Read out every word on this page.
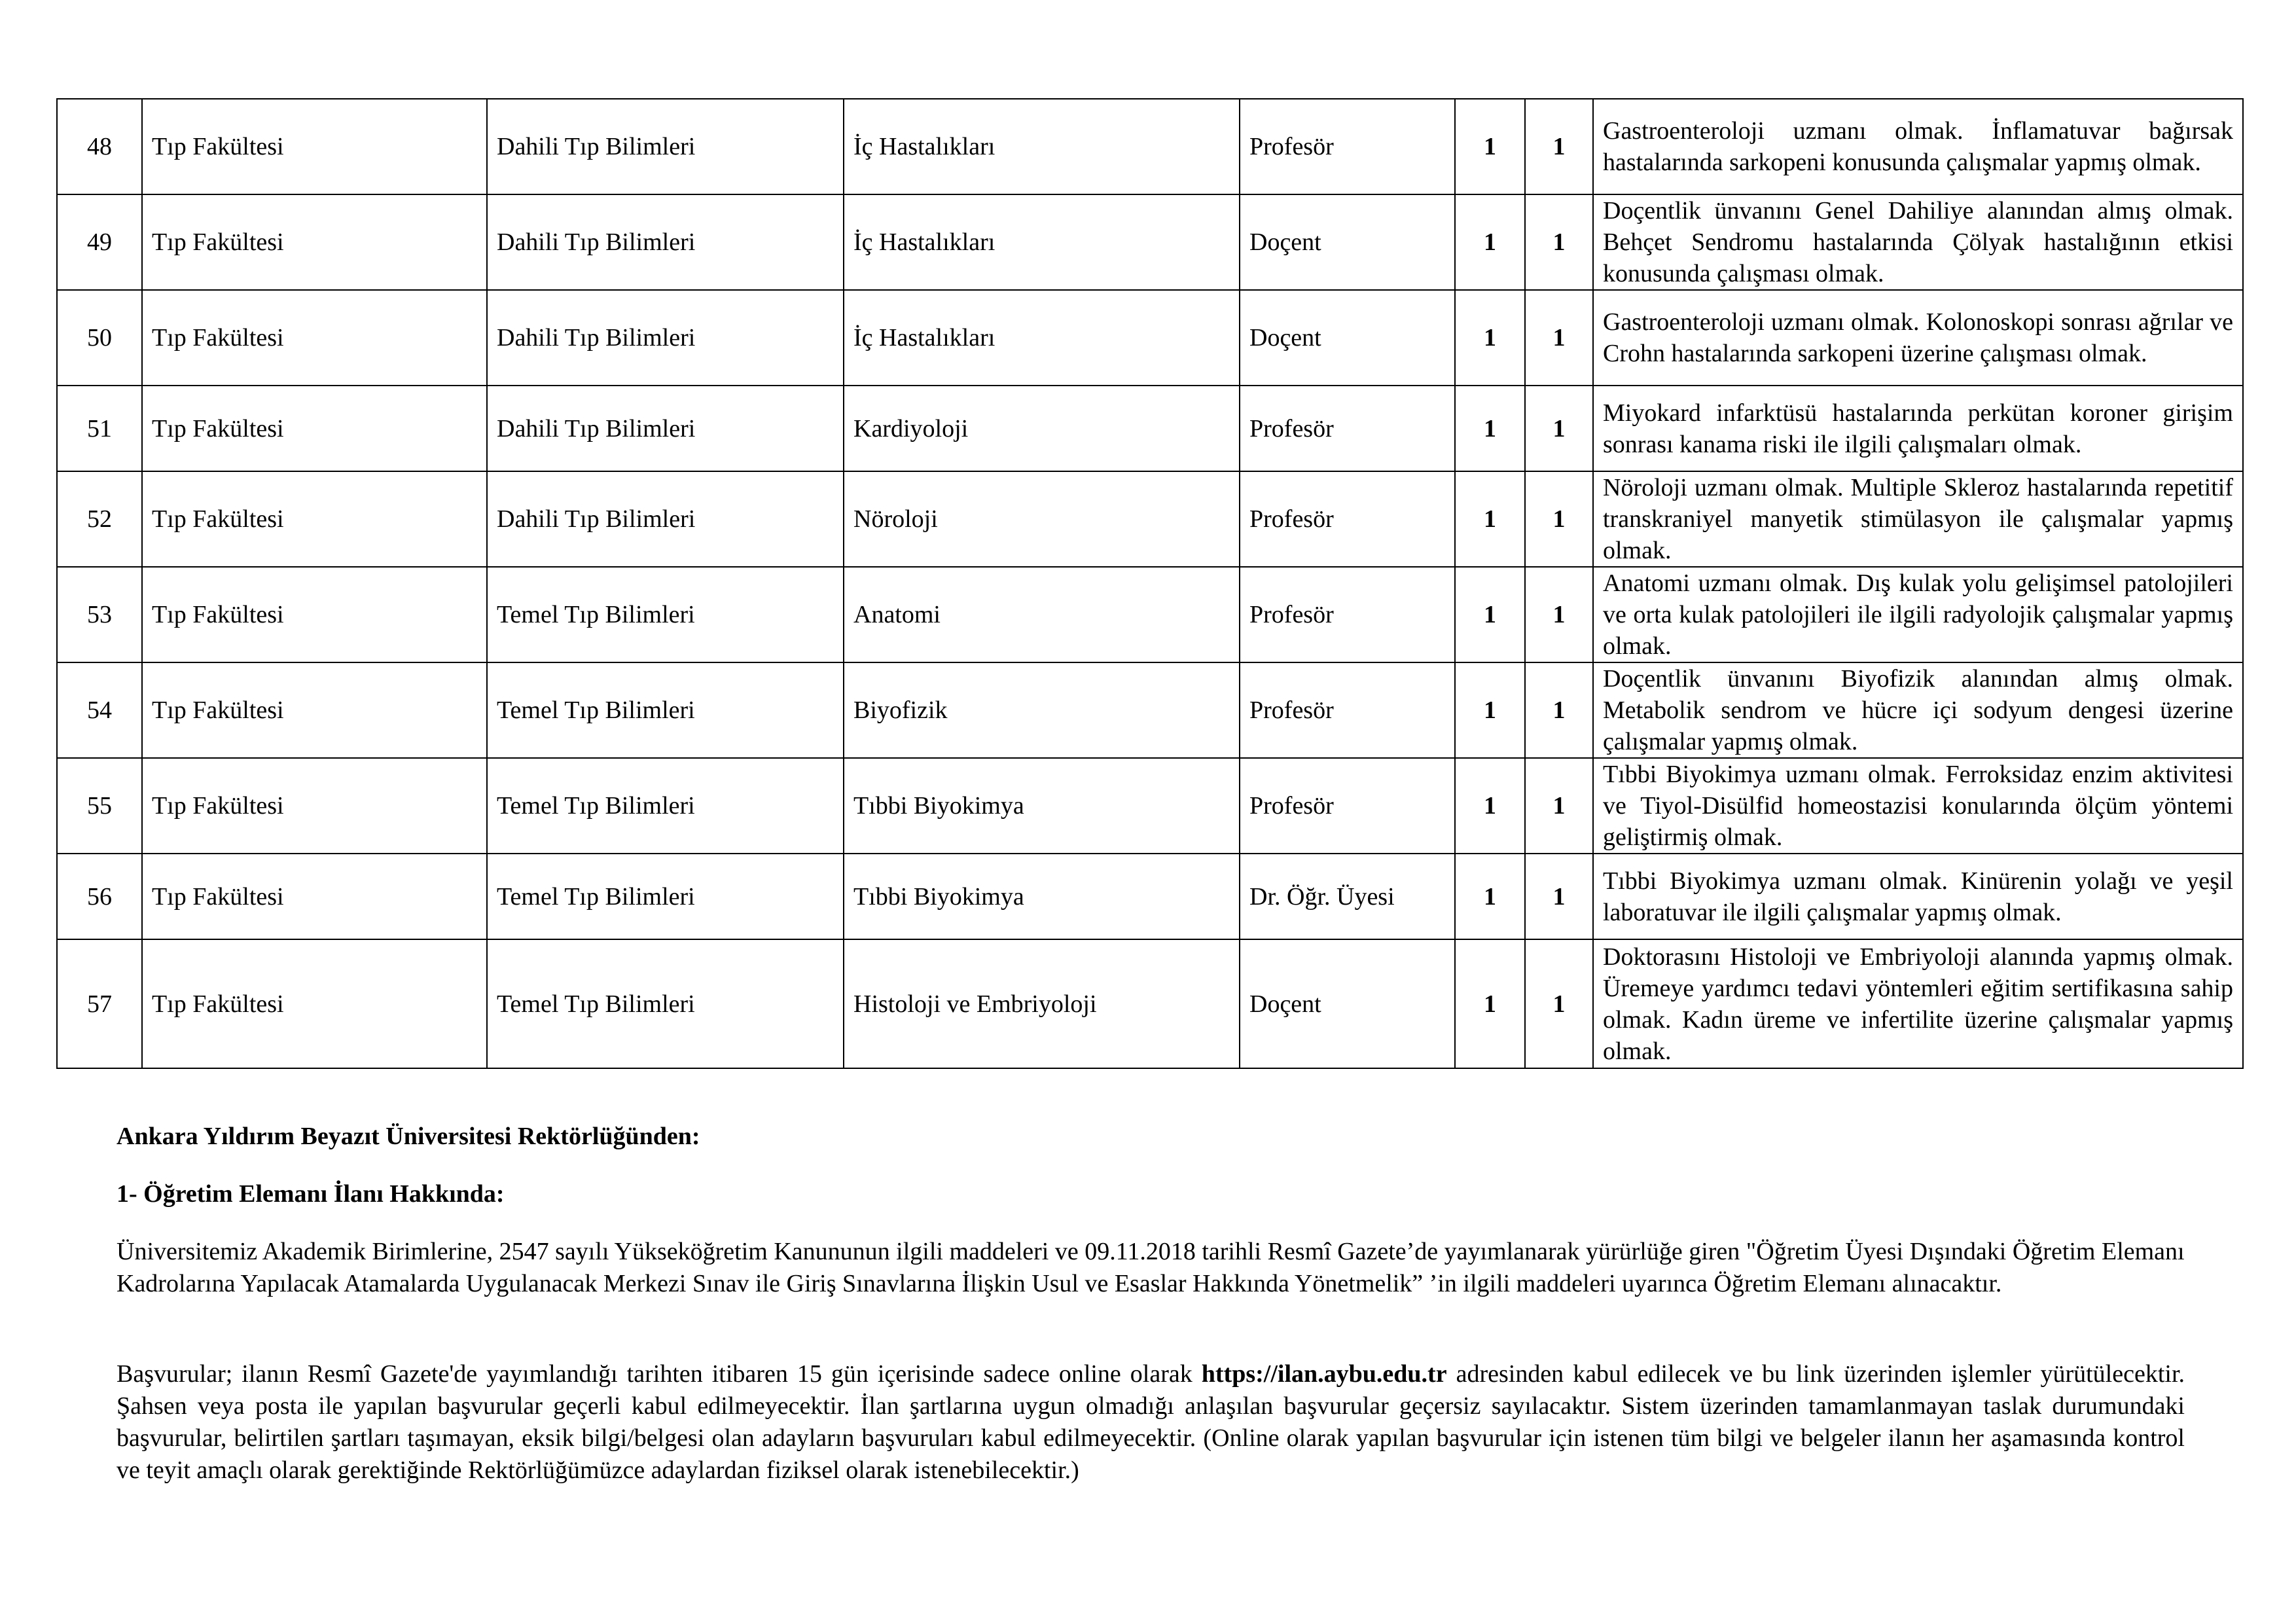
48	Tıp Fakültesi	Dahili Tıp Bilimleri	İç Hastalıkları	Profesör	1	1	Gastroenteroloji uzmanı olmak. İnflamatuvar bağırsak hastalarında sarkopeni konusunda çalışmalar yapmış olmak.
49	Tıp Fakültesi	Dahili Tıp Bilimleri	İç Hastalıkları	Doçent	1	1	Doçentlik ünvanını Genel Dahiliye alanından almış olmak. Behçet Sendromu hastalarında Çölyak hastalığının etkisi konusunda çalışması olmak.
50	Tıp Fakültesi	Dahili Tıp Bilimleri	İç Hastalıkları	Doçent	1	1	Gastroenteroloji uzmanı olmak. Kolonoskopi sonrası ağrılar ve Crohn hastalarında sarkopeni üzerine çalışması olmak.
51	Tıp Fakültesi	Dahili Tıp Bilimleri	Kardiyoloji	Profesör	1	1	Miyokard infarktüsü hastalarında perkütan koroner girişim sonrası kanama riski ile ilgili çalışmaları olmak.
52	Tıp Fakültesi	Dahili Tıp Bilimleri	Nöroloji	Profesör	1	1	Nöroloji uzmanı olmak. Multiple Skleroz hastalarında repetitif transkraniyel manyetik stimülasyon ile çalışmalar yapmış olmak.
53	Tıp Fakültesi	Temel Tıp Bilimleri	Anatomi	Profesör	1	1	Anatomi uzmanı olmak. Dış kulak yolu gelişimsel patolojileri ve orta kulak patolojileri ile ilgili radyolojik çalışmalar yapmış olmak.
54	Tıp Fakültesi	Temel Tıp Bilimleri	Biyofizik	Profesör	1	1	Doçentlik ünvanını Biyofizik alanından almış olmak. Metabolik sendrom ve hücre içi sodyum dengesi üzerine çalışmalar yapmış olmak.
55	Tıp Fakültesi	Temel Tıp Bilimleri	Tıbbi Biyokimya	Profesör	1	1	Tıbbi Biyokimya uzmanı olmak. Ferroksidaz enzim aktivitesi ve Tiyol-Disülfid homeostazisi konularında ölçüm yöntemi geliştirmiş olmak.
56	Tıp Fakültesi	Temel Tıp Bilimleri	Tıbbi Biyokimya	Dr. Öğr. Üyesi	1	1	Tıbbi Biyokimya uzmanı olmak. Kinürenin yolağı ve yeşil laboratuvar ile ilgili çalışmalar yapmış olmak.
57	Tıp Fakültesi	Temel Tıp Bilimleri	Histoloji ve Embriyoloji	Doçent	1	1	Doktorasını Histoloji ve Embriyoloji alanında yapmış olmak. Üremeye yardımcı tedavi yöntemleri eğitim sertifikasına sahip olmak. Kadın üreme ve infertilite üzerine çalışmalar yapmış olmak.
Ankara Yıldırım Beyazıt Üniversitesi Rektörlüğünden:
1- Öğretim Elemanı İlanı Hakkında:
Üniversitemiz Akademik Birimlerine, 2547 sayılı Yükseköğretim Kanununun ilgili maddeleri ve 09.11.2018 tarihli Resmî Gazete’de yayımlanarak yürürlüğe giren "Öğretim Üyesi Dışındaki Öğretim Elemanı Kadrolarına Yapılacak Atamalarda Uygulanacak Merkezi Sınav ile Giriş Sınavlarına İlişkin Usul ve Esaslar Hakkında Yönetmelik” ’in ilgili maddeleri uyarınca Öğretim Elemanı alınacaktır.
Başvurular; ilanın Resmî Gazete'de yayımlandığı tarihten itibaren 15 gün içerisinde sadece online olarak https://ilan.aybu.edu.tr adresinden kabul edilecek ve bu link üzerinden işlemler yürütülecektir. Şahsen veya posta ile yapılan başvurular geçerli kabul edilmeyecektir. İlan şartlarına uygun olmadığı anlaşılan başvurular geçersiz sayılacaktır. Sistem üzerinden tamamlanmayan taslak durumundaki başvurular, belirtilen şartları taşımayan, eksik bilgi/belgesi olan adayların başvuruları kabul edilmeyecektir. (Online olarak yapılan başvurular için istenen tüm bilgi ve belgeler ilanın her aşamasında kontrol ve teyit amaçlı olarak gerektiğinde Rektörlüğümüzce adaylardan fiziksel olarak istenebilecektir.)
